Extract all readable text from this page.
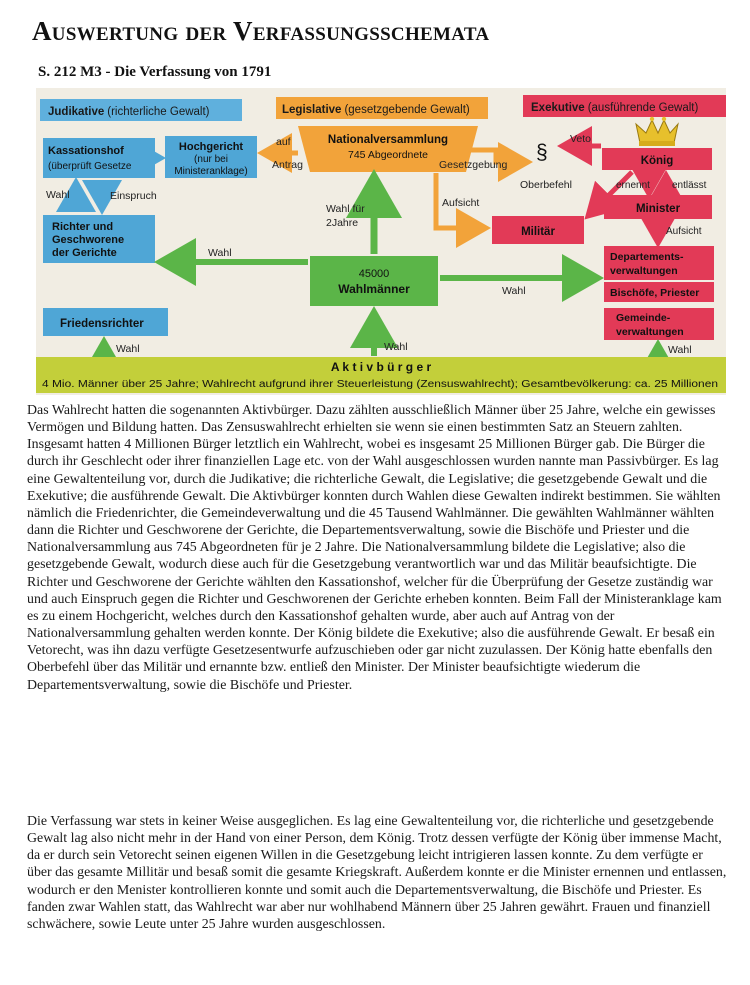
Auswertung der Verfassungsschemata
S. 212 M3 - Die Verfassung von 1791
Judikative (richterliche Gewalt)	Legislative (gesetzgebende Gewalt)	Exekutive (ausführende Gewalt)
Kassationshof
(überprüft Gesetze)
Hochgericht
(nur bei
Ministeranklage)
Richter und
Geschworene
der Gerichte
Friedensrichter
Wahl	Einspruch
Nationalversammlung
745 Abgeordnete
auf
Antrag	Gesetzgebung
§
Aufsicht
Militär
König
Veto
Oberbefehl	ernennt entlässt
Minister
Aufsicht
Departements-
verwaltungen
Bischöfe, Priester
Gemeinde-
verwaltungen
45000
Wahlmänner
Wahl für
2Jahre
Wahl
Wahl
Wahl
Wahl	Wahl
A k t i v b ü r g e r
4 Mio. Männer über 25 Jahre; Wahlrecht aufgrund ihrer Steuerleistung (Zensuswahlrecht); Gesamtbevölkerung: ca. 25 Millionen

Das Wahlrecht hatten die sogenannten Aktivbürger. Dazu zählten ausschließlich Männer über 25 Jahre, welche ein gewisses Vermögen und Bildung hatten. Das Zensuswahlrecht erhielten sie wenn sie einen bestimmten Satz an Steuern zahlten. Insgesamt hatten 4 Millionen Bürger letztlich ein Wahlrecht, wobei es insgesamt 25 Millionen Bürger gab. Die Bürger die durch ihr Geschlecht oder ihrer finanziellen Lage etc. von der Wahl ausgeschlossen wurden nannte man Passivbürger. Es lag eine Gewaltenteilung vor, durch die Judikative; die richterliche Gewalt, die Legislative; die gesetzgebende Gewalt und die Exekutive; die ausführende Gewalt. Die Aktivbürger konnten durch Wahlen diese Gewalten indirekt bestimmen. Sie wählten nämlich die Friedenrichter, die Gemeindeverwaltung und die 45 Tausend Wahlmänner. Die gewählten Wahlmänner wählten dann die Richter und Geschworene der Gerichte, die Departementsverwaltung, sowie die Bischöfe und Priester und die Nationalversammlung aus 745 Abgeordneten für je 2 Jahre. Die Nationalversammlung bildete die Legislative; also die gesetzgebende Gewalt, wodurch diese auch für die Gesetzgebung verantwortlich war und das Militär beaufsichtigte. Die Richter und Geschworene der Gerichte wählten den Kassationshof, welcher für die Überprüfung der Gesetze zuständig war und auch Einspruch gegen die Richter und Geschworenen der Gerichte erheben konnten. Beim Fall der Ministeranklage kam es zu einem Hochgericht, welches durch den Kassationshof gehalten wurde, aber auch auf Antrag von der Nationalversammlung gehalten werden konnte. Der König bildete die Exekutive; also die ausführende Gewalt. Er besaß ein Vetorecht, was ihn dazu verfügte Gesetzesentwurfe aufzuschieben oder gar nicht zuzulassen. Der König hatte ebenfalls den Oberbefehl über das Militär und ernannte bzw. entließ den Minister. Der Minister beaufsichtigte wiederum die Departementsverwaltung, sowie die Bischöfe und Priester.

Die Verfassung war stets in keiner Weise ausgeglichen. Es lag eine Gewaltenteilung vor, die richterliche und gesetzgebende Gewalt lag also nicht mehr in der Hand von einer Person, dem König. Trotz dessen verfügte der König über immense Macht, da er durch sein Vetorecht seinen eigenen Willen in die Gesetzgebung leicht intrigieren lassen konnte. Zu dem verfügte er über das gesamte Millitär und besaß somit die gesamte Kriegskraft. Außerdem konnte er die Minister ernennen und entlassen, wodurch er den Menister kontrollieren konnte und somit auch die Departementsverwaltung, die Bischöfe und Priester. Es fanden zwar Wahlen statt, das Wahlrecht war aber nur wohlhabend Männern über 25 Jahren gewährt. Frauen und finanziell schwächere, sowie Leute unter 25 Jahre wurden ausgeschlossen.
